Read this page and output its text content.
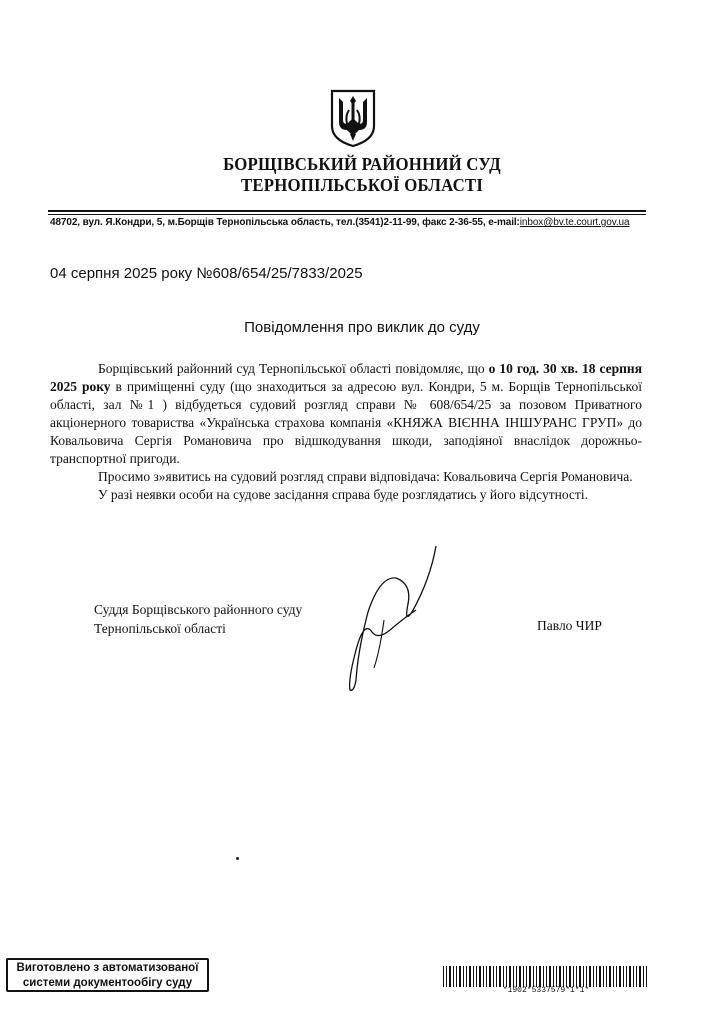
БОРЩІВСЬКИЙ РАЙОННИЙ СУД
ТЕРНОПІЛЬСЬКОЇ ОБЛАСТІ
48702, вул. Я.Кондри, 5, м.Борщів Тернопільська область, тел.(3541)2-11-99, факс 2-36-55, e-mail:inbox@bv.te.court.gov.ua
04 серпня 2025 року №608/654/25/7833/2025
Повідомлення про виклик до суду

Борщівський районний суд Тернопільської області повідомляє, що о 10 год. 30 хв. 18 серпня 2025 року в приміщенні суду (що знаходиться за адресою вул. Кондри, 5 м. Борщів Тернопільської області, зал №1 ) відбудеться судовий розгляд справи № 608/654/25 за позовом Приватного акціонерного товариства «Українська страхова компанія «КНЯЖА ВІЄННА ІНШУРАНС ГРУП» до Ковальовича Сергія Романовича про відшкодування шкоди, заподіяної внаслідок дорожньо-транспортної пригоди.

Просимо з»явитись на судовий розгляд справи відповідача: Ковальовича Сергія Романовича.

У разі неявки особи на судове засідання справа буде розглядатись у його відсутності.

Суддя Борщівського районного суду
Тернопільської області	Павло ЧИР
Виготовлено з автоматизованої
системи документообігу суду
*1902*5337579*1*1*
